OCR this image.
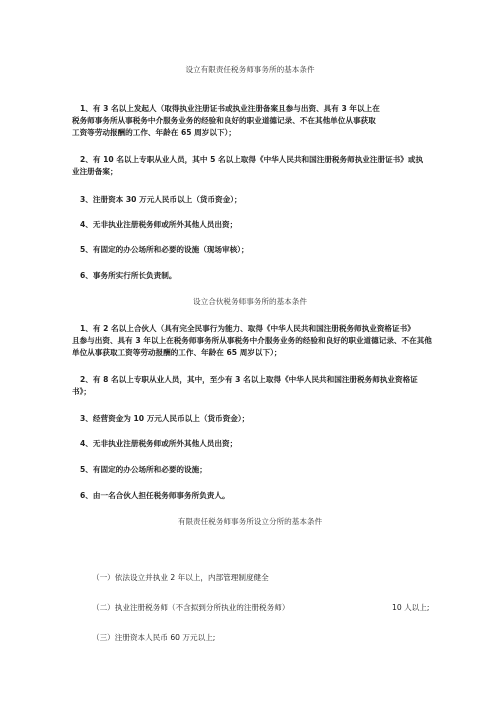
设立有限责任税务师事务所的基本条件
1、有 3 名以上发起人（取得执业注册证书或执业注册备案且参与出资、具有 3 年以上在
税务师事务所从事税务中介服务业务的经验和良好的职业道德记录、不在其他单位从事获取
工资等劳动报酬的工作、年龄在 65 周岁以下）；
2、有 10 名以上专职从业人员，其中 5 名以上取得《中华人民共和国注册税务师执业注册证书》或执
业注册备案；
3、注册资本 30 万元人民币以上（货币资金）；
4、无非执业注册税务师或所外其他人员出资；
5、有固定的办公场所和必要的设施（现场审核）；
6、事务所实行所长负责制。
设立合伙税务师事务所的基本条件
1、有 2 名以上合伙人（具有完全民事行为能力、取得《中华人民共和国注册税务师执业资格证书》
且参与出资、具有 3 年以上在税务师事务所从事税务中介服务业务的经验和良好的职业道德记录、不在其他
单位从事获取工资等劳动报酬的工作、年龄在 65 周岁以下）；
2、有 8 名以上专职从业人员，其中，至少有 3 名以上取得《中华人民共和国注册税务师执业资格证
书》；
3、经营资金为 10 万元人民币以上（货币资金）；
4、无非执业注册税务师或所外其他人员出资；
5、有固定的办公场所和必要的设施；
6、由一名合伙人担任税务师事务所负责人。
有限责任税务师事务所设立分所的基本条件
（一）依法设立并执业 2 年以上，内部管理制度健全
（二）执业注册税务师（不含拟到分所执业的注册税务师）	10 人以上;
（三）注册资本人民币 60 万元以上;
